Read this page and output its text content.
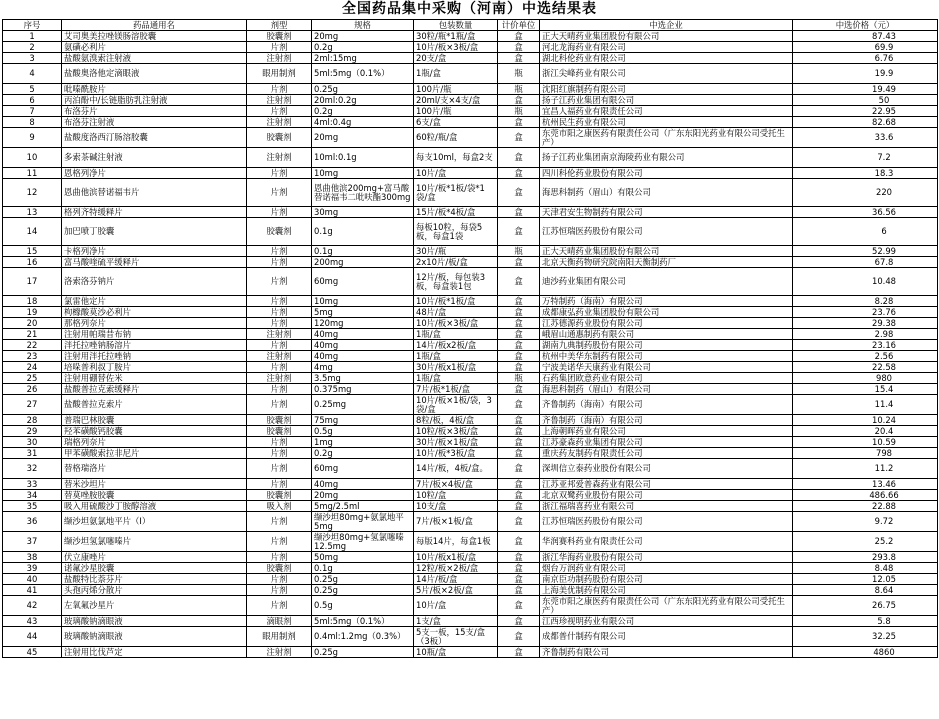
全国药品集中采购（河南）中选结果表
序号	药品通用名	剂型	规格	包装数量	计价单位	中选企业	中选价格（元）
1	艾司奥美拉唑镁肠溶胶囊	胶囊剂	20mg	30粒/瓶*1瓶/盒	盒	正大天晴药业集团股份有限公司	87.43
2	氨磺必利片	片剂	0.2g	10片/板×3板/盒	盒	河北龙海药业有限公司	69.9
3	盐酸氨溴索注射液	注射剂	2ml:15mg	20支/盒	盒	湖北科伦药业有限公司	6.76
4	盐酸奥洛他定滴眼液	眼用制剂	5ml:5mg（0.1%）	1瓶/盒	瓶	浙江尖峰药业有限公司	19.9
5	吡嗪酰胺片	片剂	0.25g	100片/瓶	瓶	沈阳红旗制药有限公司	19.49
6	丙泊酚中/长链脂肪乳注射液	注射剂	20ml:0.2g	20ml/支×4支/盒	盒	扬子江药业集团有限公司	50
7	布洛芬片	片剂	0.2g	100片/瓶	瓶	宜昌人福药业有限责任公司	22.95
8	布洛芬注射液	注射剂	4ml:0.4g	6支/盒	盒	杭州民生药业有限公司	82.68
9	盐酸度洛西汀肠溶胶囊	胶囊剂	20mg	60粒/瓶/盒	盒	东莞市阳之康医药有限责任公司（广东东阳光药业有限公司受托生产）	33.6
10	多索茶碱注射液	注射剂	10ml:0.1g	每支10ml，每盒2支	盒	扬子江药业集团南京海陵药业有限公司	7.2
11	恩格列净片	片剂	10mg	10片/盒	盒	四川科伦药业股份有限公司	18.3
12	恩曲他滨替诺福韦片	片剂	恩曲他滨200mg+富马酸替诺福韦二吡呋酯300mg	10片/板*1板/袋*1袋/盒	盒	海思科制药（眉山）有限公司	220
13	格列齐特缓释片	片剂	30mg	15片/板*4板/盒	盒	天津君安生物制药有限公司	36.56
14	加巴喷丁胶囊	胶囊剂	0.1g	每板10粒，每袋5板，每盒1袋	盒	江苏恒瑞医药股份有限公司	6
15	卡格列净片	片剂	0.1g	30片/瓶	瓶	正大天晴药业集团股份有限公司	52.99
16	富马酸喹硫平缓释片	片剂	200mg	2x10片/板/盒	盒	北京天衡药物研究院南阳天衡制药厂	67.8
17	洛索洛芬钠片	片剂	60mg	12片/板，每包装3板，每盒装1包	盒	迪沙药业集团有限公司	10.48
18	氯雷他定片	片剂	10mg	10片/板*1板/盒	盒	万特制药（海南）有限公司	8.28
19	枸橼酸莫沙必利片	片剂	5mg	48片/盒	盒	成都康弘药业集团股份有限公司	23.76
20	那格列奈片	片剂	120mg	10片/板×3板/盒	盒	江苏德源药业股份有限公司	29.38
21	注射用帕瑞昔布钠	注射剂	40mg	1瓶/盒	盒	峨眉山通惠制药有限公司	2.98
22	泮托拉唑钠肠溶片	片剂	40mg	14片/板x2板/盒	盒	湖南九典制药股份有限公司	23.16
23	注射用泮托拉唑钠	注射剂	40mg	1瓶/盒	盒	杭州中美华东制药有限公司	2.56
24	培哚普利叔丁胺片	片剂	4mg	30片/板x1板/盒	盒	宁波美诺华天康药业有限公司	22.58
25	注射用硼替佐米	注射剂	3.5mg	1瓶/盒	瓶	石药集团欧意药业有限公司	980
26	盐酸普拉克索缓释片	片剂	0.375mg	7片/板*1板/盒	盒	海思科制药（眉山）有限公司	15.4
27	盐酸普拉克索片	片剂	0.25mg	10片/板×1板/袋，3袋/盒	盒	齐鲁制药（海南）有限公司	11.4
28	普瑞巴林胶囊	胶囊剂	75mg	8粒/板，4板/盒	盒	齐鲁制药（海南）有限公司	10.24
29	羟苯磺酸钙胶囊	胶囊剂	0.5g	10粒/板×3板/盒	盒	上海朝晖药业有限公司	20.4
30	瑞格列奈片	片剂	1mg	30片/板×1板/盒	盒	江苏豪森药业集团有限公司	10.59
31	甲苯磺酸索拉非尼片	片剂	0.2g	10片/板*3板/盒	盒	重庆药友制药有限责任公司	798
32	替格瑞洛片	片剂	60mg	14片/板，4板/盒。	盒	深圳信立泰药业股份有限公司	11.2
33	替米沙坦片	片剂	40mg	7片/板×4板/盒	盒	江苏亚邦爱普森药业有限公司	13.46
34	替莫唑胺胶囊	胶囊剂	20mg	10粒/盒	盒	北京双鹭药业股份有限公司	486.66
35	吸入用硫酸沙丁胺醇溶液	吸入剂	5mg/2.5ml	10支/盒	盒	浙江福瑞喜药业有限公司	22.88
36	缬沙坦氨氯地平片（Ⅰ）	片剂	缬沙坦80mg+氨氯地平5mg	7片/板×1板/盒	盒	江苏恒瑞医药股份有限公司	9.72
37	缬沙坦氢氯噻嗪片	片剂	缬沙坦80mg+氢氯噻嗪12.5mg	每版14片，每盒1板	盒	华润赛科药业有限责任公司	25.2
38	伏立康唑片	片剂	50mg	10片/板x1板/盒	盒	浙江华海药业股份有限公司	293.8
39	诺氟沙星胶囊	胶囊剂	0.1g	12粒/板×2板/盒	盒	烟台万润药业有限公司	8.48
40	盐酸特比萘芬片	片剂	0.25g	14片/板/盒	盒	南京臣功制药股份有限公司	12.05
41	头孢丙烯分散片	片剂	0.25g	5片/板×2板/盒	盒	上海美优制药有限公司	8.64
42	左氧氟沙星片	片剂	0.5g	10片/盒	盒	东莞市阳之康医药有限责任公司（广东东阳光药业有限公司受托生产）	26.75
43	玻璃酸钠滴眼液	滴眼剂	5ml:5mg（0.1%）	1支/盒	盒	江西珍视明药业有限公司	5.8
44	玻璃酸钠滴眼液	眼用制剂	0.4ml:1.2mg（0.3%）	5支一板，15支/盒（3板）	盒	成都普什制药有限公司	32.25
45	注射用比伐芦定	注射剂	0.25g	10瓶/盒	盒	齐鲁制药有限公司	4860
